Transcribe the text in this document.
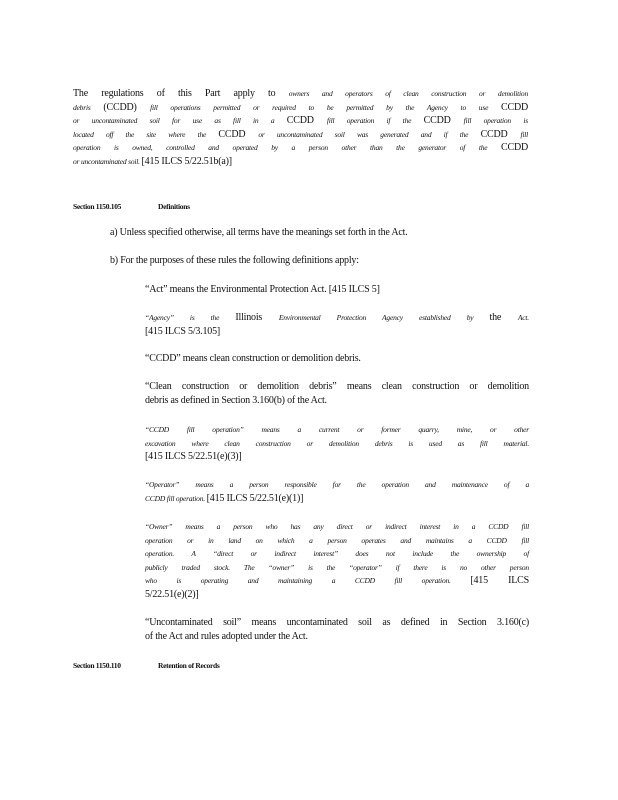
The regulations of this Part apply to owners and operators of clean construction or demolition
debris (CCDD) fill operations permitted or required to be permitted by the Agency to use CCDD
or uncontaminated soil for use as fill in a CCDD fill operation if the CCDD fill operation is
located off the site where the CCDD or uncontaminated soil was generated and if the CCDD fill
operation is owned, controlled and operated by a person other than the generator of the CCDD
or uncontaminated soil. [415 ILCS 5/22.51b(a)]
Section 1150.105	Definitions
a) Unless specified otherwise, all terms have the meanings set forth in the Act.
b) For the purposes of these rules the following definitions apply:
“Act” means the Environmental Protection Act. [415 ILCS 5]
“Agency” is the Illinois Environmental Protection Agency established by the Act.
[415 ILCS 5/3.105]
“CCDD” means clean construction or demolition debris.
“Clean construction or demolition debris” means clean construction or demolition
debris as defined in Section 3.160(b) of the Act.
“CCDD fill operation” means a current or former quarry, mine, or other
excavation where clean construction or demolition debris is used as fill material.
[415 ILCS 5/22.51(e)(3)]
“Operator” means a person responsible for the operation and maintenance of a
CCDD fill operation. [415 ILCS 5/22.51(e)(1)]
“Owner” means a person who has any direct or indirect interest in a CCDD fill
operation or in land on which a person operates and maintains a CCDD fill
operation. A “direct or indirect interest” does not include the ownership of
publicly traded stock. The “owner” is the “operator” if there is no other person
who is operating and maintaining a CCDD fill operation. [415 ILCS
5/22.51(e)(2)]
“Uncontaminated soil” means uncontaminated soil as defined in Section 3.160(c)
of the Act and rules adopted under the Act.
Section 1150.110	Retention of Records
